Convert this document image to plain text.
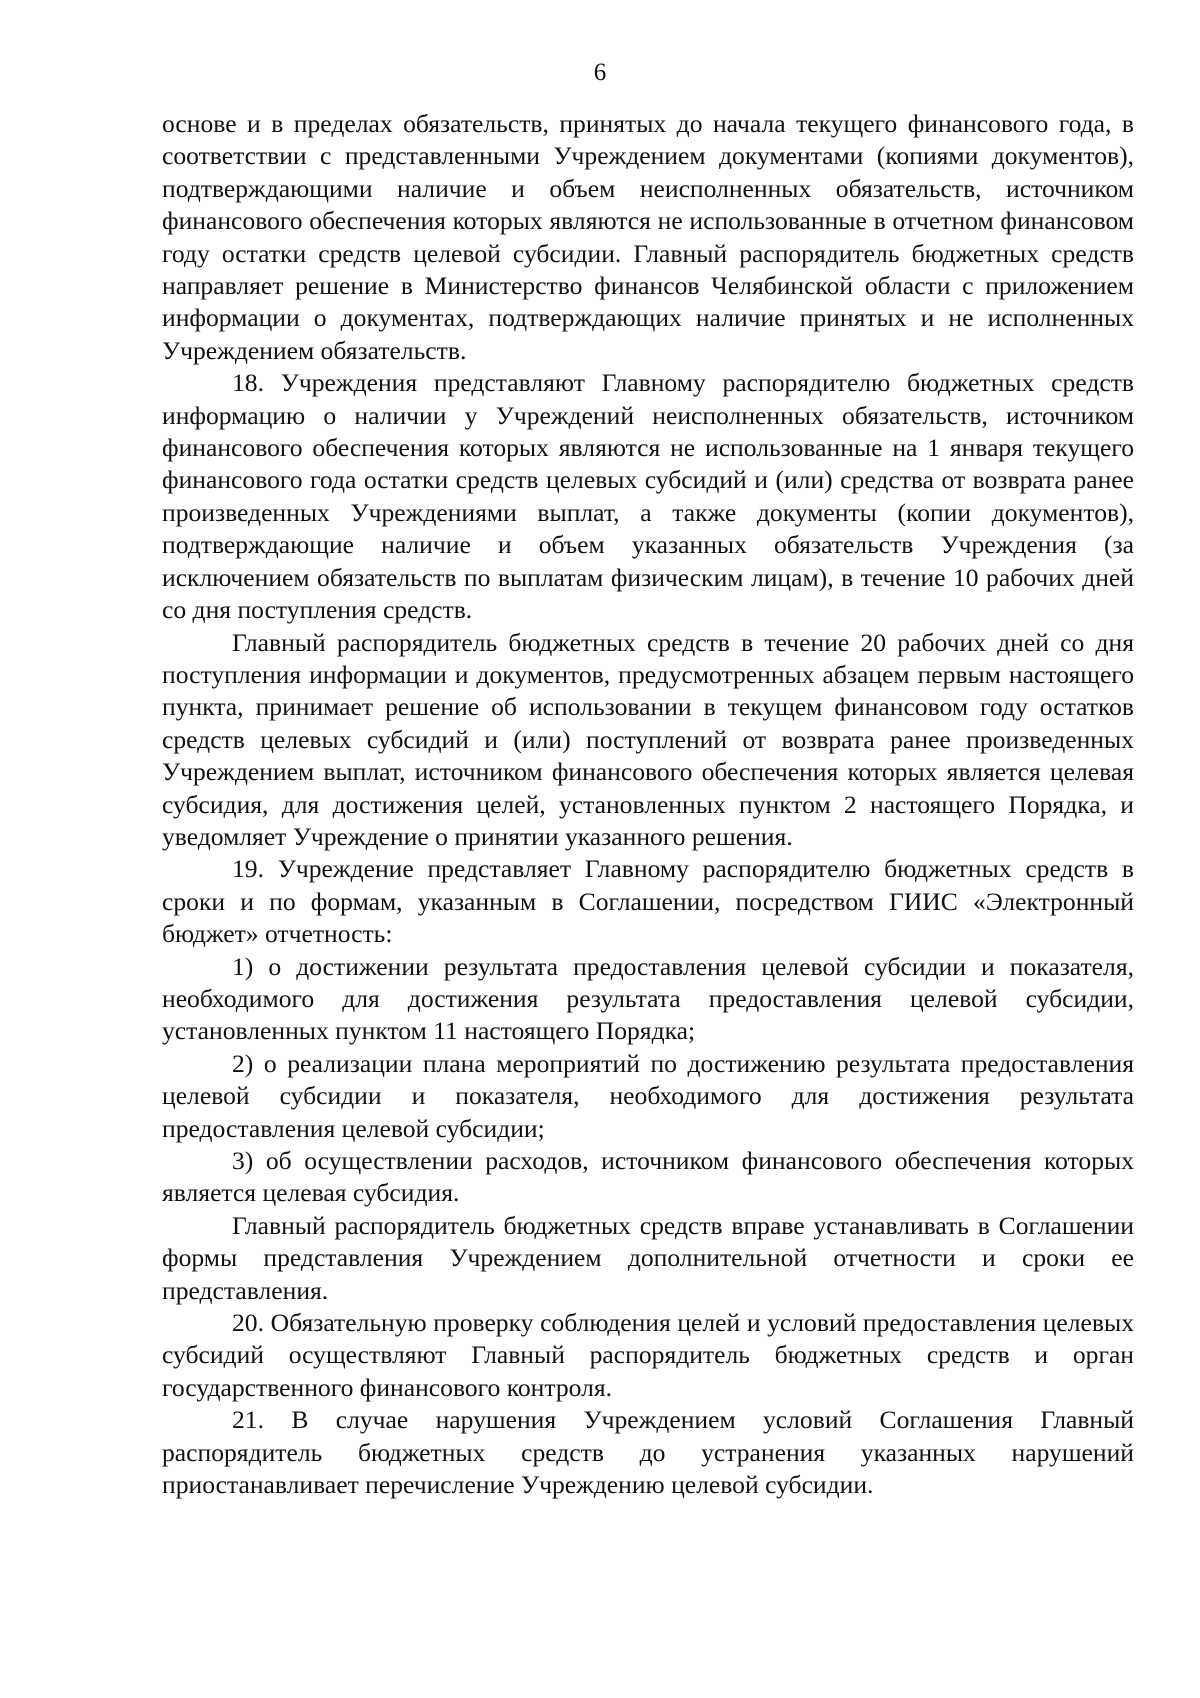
6

основе и в пределах обязательств, принятых до начала текущего финансового года, в соответствии с представленными Учреждением документами (копиями документов), подтверждающими наличие и объем неисполненных обязательств, источником финансового обеспечения которых являются не использованные в отчетном финансовом году остатки средств целевой субсидии. Главный распорядитель бюджетных средств направляет решение в Министерство финансов Челябинской области с приложением информации о документах, подтверждающих наличие принятых и не исполненных Учреждением обязательств.

18. Учреждения представляют Главному распорядителю бюджетных средств информацию о наличии у Учреждений неисполненных обязательств, источником финансового обеспечения которых являются не использованные на 1 января текущего финансового года остатки средств целевых субсидий и (или) средства от возврата ранее произведенных Учреждениями выплат, а также документы (копии документов), подтверждающие наличие и объем указанных обязательств Учреждения (за исключением обязательств по выплатам физическим лицам), в течение 10 рабочих дней со дня поступления средств.

Главный распорядитель бюджетных средств в течение 20 рабочих дней со дня поступления информации и документов, предусмотренных абзацем первым настоящего пункта, принимает решение об использовании в текущем финансовом году остатков средств целевых субсидий и (или) поступлений от возврата ранее произведенных Учреждением выплат, источником финансового обеспечения которых является целевая субсидия, для достижения целей, установленных пунктом 2 настоящего Порядка, и уведомляет Учреждение о принятии указанного решения.

19. Учреждение представляет Главному распорядителю бюджетных средств в сроки и по формам, указанным в Соглашении, посредством ГИИС «Электронный бюджет» отчетность:

1) о достижении результата предоставления целевой субсидии и показателя, необходимого для достижения результата предоставления целевой субсидии, установленных пунктом 11 настоящего Порядка;

2) о реализации плана мероприятий по достижению результата предоставления целевой субсидии и показателя, необходимого для достижения результата предоставления целевой субсидии;

3) об осуществлении расходов, источником финансового обеспечения которых является целевая субсидия.

Главный распорядитель бюджетных средств вправе устанавливать в Соглашении формы представления Учреждением дополнительной отчетности и сроки ее представления.

20. Обязательную проверку соблюдения целей и условий предоставления целевых субсидий осуществляют Главный распорядитель бюджетных средств и орган государственного финансового контроля.

21. В случае нарушения Учреждением условий Соглашения Главный распорядитель бюджетных средств до устранения указанных нарушений приостанавливает перечисление Учреждению целевой субсидии.
